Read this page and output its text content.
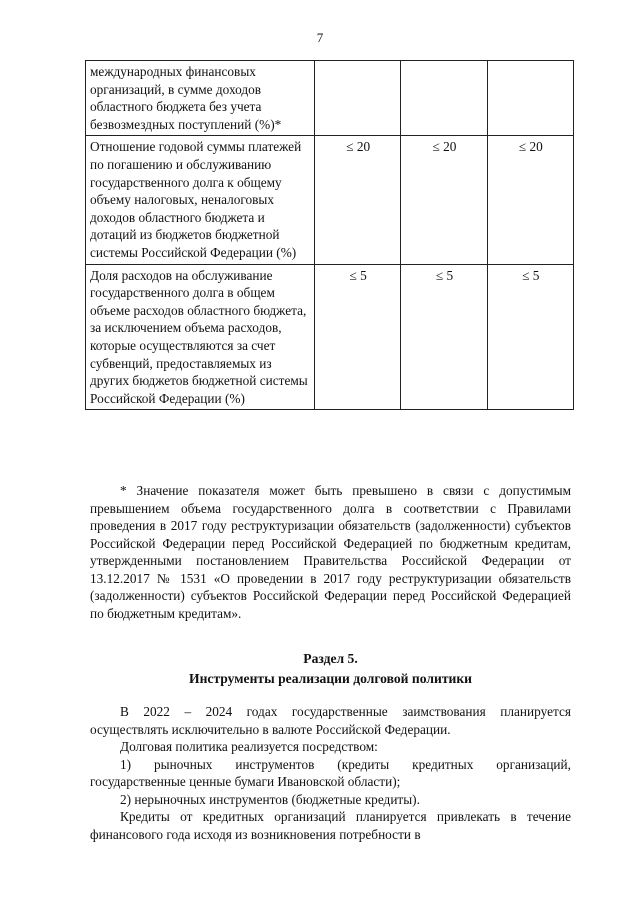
7
международных финансовых организаций, в сумме доходов областного бюджета без учета безвозмездных поступлений (%)*			
Отношение годовой суммы платежей по погашению и обслуживанию государственного долга к общему объему налоговых, неналоговых доходов областного бюджета и дотаций из бюджетов бюджетной системы Российской Федерации (%)	≤ 20	≤ 20	≤ 20
Доля расходов на обслуживание государственного долга в общем объеме расходов областного бюджета, за исключением объема расходов, которые осуществляются за счет субвенций, предоставляемых из других бюджетов бюджетной системы Российской Федерации (%)	≤ 5	≤ 5	≤ 5
* Значение показателя может быть превышено в связи с допустимым превышением объема государственного долга в соответствии с Правилами проведения в 2017 году реструктуризации обязательств (задолженности) субъектов Российской Федерации перед Российской Федерацией по бюджетным кредитам, утвержденными постановлением Правительства Российской Федерации от 13.12.2017 № 1531 «О проведении в 2017 году реструктуризации обязательств (задолженности) субъектов Российской Федерации перед Российской Федерацией по бюджетным кредитам».
Раздел 5.
Инструменты реализации долговой политики

В 2022 – 2024 годах государственные заимствования планируется осуществлять исключительно в валюте Российской Федерации.

Долговая политика реализуется посредством:

1) рыночных инструментов (кредиты кредитных организаций, государственные ценные бумаги Ивановской области);

2) нерыночных инструментов (бюджетные кредиты).

Кредиты от кредитных организаций планируется привлекать в течение финансового года исходя из возникновения потребности в
